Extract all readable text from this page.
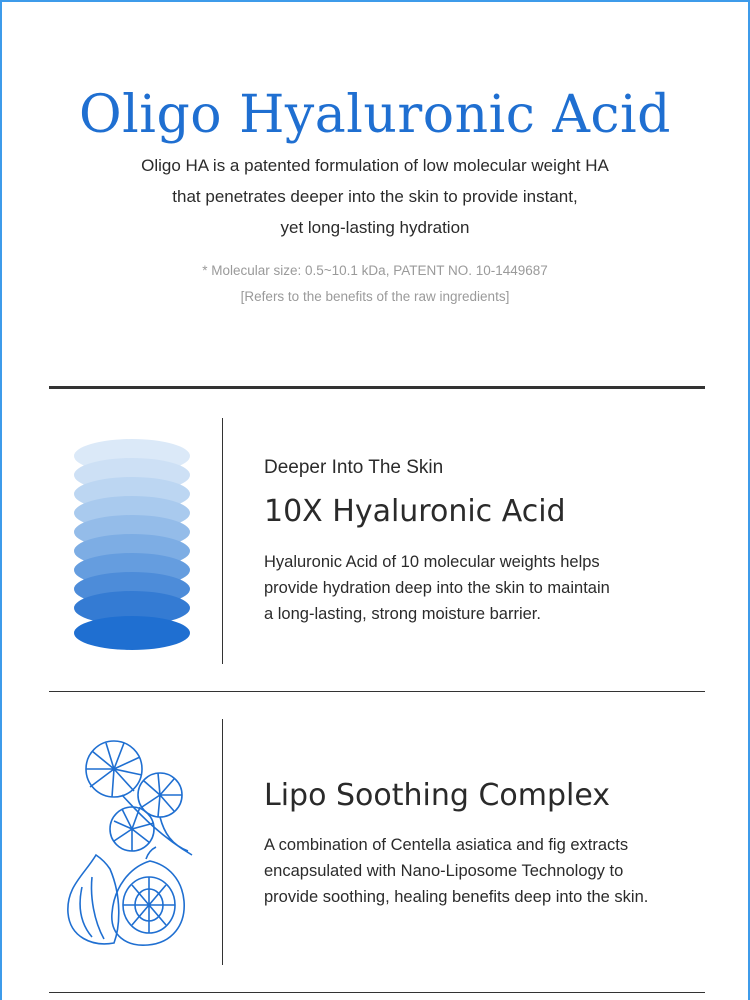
Oligo Hyaluronic Acid
Oligo HA is a patented formulation of low molecular weight HA
that penetrates deeper into the skin to provide instant,
yet long-lasting hydration
* Molecular size: 0.5~10.1 kDa, PATENT NO. 10-1449687
[Refers to the benefits of the raw ingredients]
Deeper Into The Skin
10X Hyaluronic Acid
Hyaluronic Acid of 10 molecular weights helps
provide hydration deep into the skin to maintain
a long-lasting, strong moisture barrier.
Lipo Soothing Complex
A combination of Centella asiatica and fig extracts
encapsulated with Nano-Liposome Technology to
provide soothing, healing benefits deep into the skin.
